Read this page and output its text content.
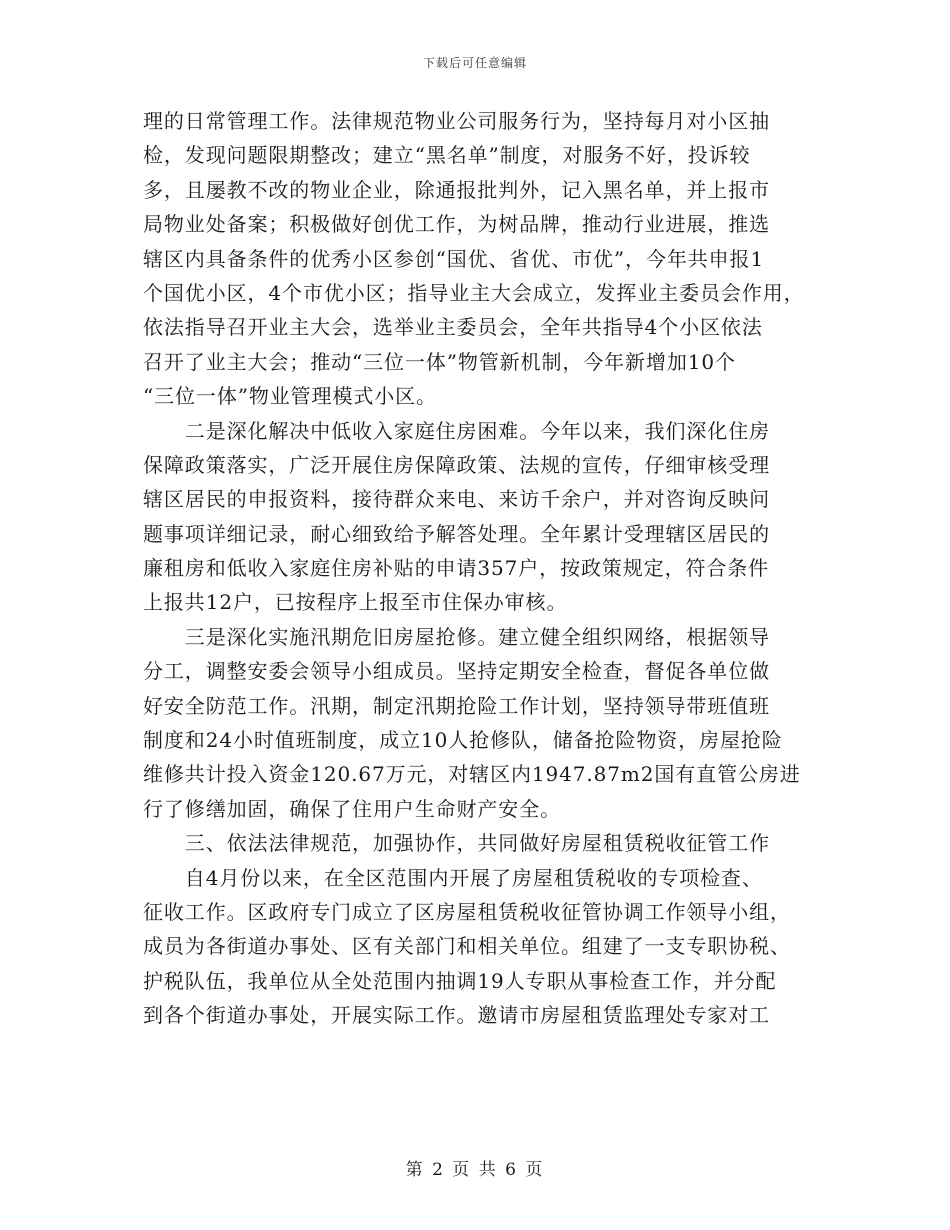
下载后可任意编辑
理的日常管理工作。法律规范物业公司服务行为，坚持每月对小区抽
检，发现问题限期整改；建立“黑名单”制度，对服务不好，投诉较
多，且屡教不改的物业企业，除通报批判外，记入黑名单，并上报市
局物业处备案；积极做好创优工作，为树品牌，推动行业进展，推选
辖区内具备条件的优秀小区参创“国优、省优、市优”，今年共申报1
个国优小区，4个市优小区；指导业主大会成立，发挥业主委员会作用，
依法指导召开业主大会，选举业主委员会，全年共指导4个小区依法
召开了业主大会；推动“三位一体”物管新机制，今年新增加10个
“三位一体”物业管理模式小区。
　　二是深化解决中低收入家庭住房困难。今年以来，我们深化住房
保障政策落实，广泛开展住房保障政策、法规的宣传，仔细审核受理
辖区居民的申报资料，接待群众来电、来访千余户，并对咨询反映问
题事项详细记录，耐心细致给予解答处理。全年累计受理辖区居民的
廉租房和低收入家庭住房补贴的申请357户，按政策规定，符合条件
上报共12户，已按程序上报至市住保办审核。
　　三是深化实施汛期危旧房屋抢修。建立健全组织网络，根据领导
分工，调整安委会领导小组成员。坚持定期安全检查，督促各单位做
好安全防范工作。汛期，制定汛期抢险工作计划，坚持领导带班值班
制度和24小时值班制度，成立10人抢修队，储备抢险物资，房屋抢险
维修共计投入资金120.67万元，对辖区内1947.87m2国有直管公房进
行了修缮加固，确保了住用户生命财产安全。
　　三、依法法律规范，加强协作，共同做好房屋租赁税收征管工作
　　自4月份以来，在全区范围内开展了房屋租赁税收的专项检查、
征收工作。区政府专门成立了区房屋租赁税收征管协调工作领导小组，
成员为各街道办事处、区有关部门和相关单位。组建了一支专职协税、
护税队伍，我单位从全处范围内抽调19人专职从事检查工作，并分配
到各个街道办事处，开展实际工作。邀请市房屋租赁监理处专家对工
第 2 页 共 6 页
